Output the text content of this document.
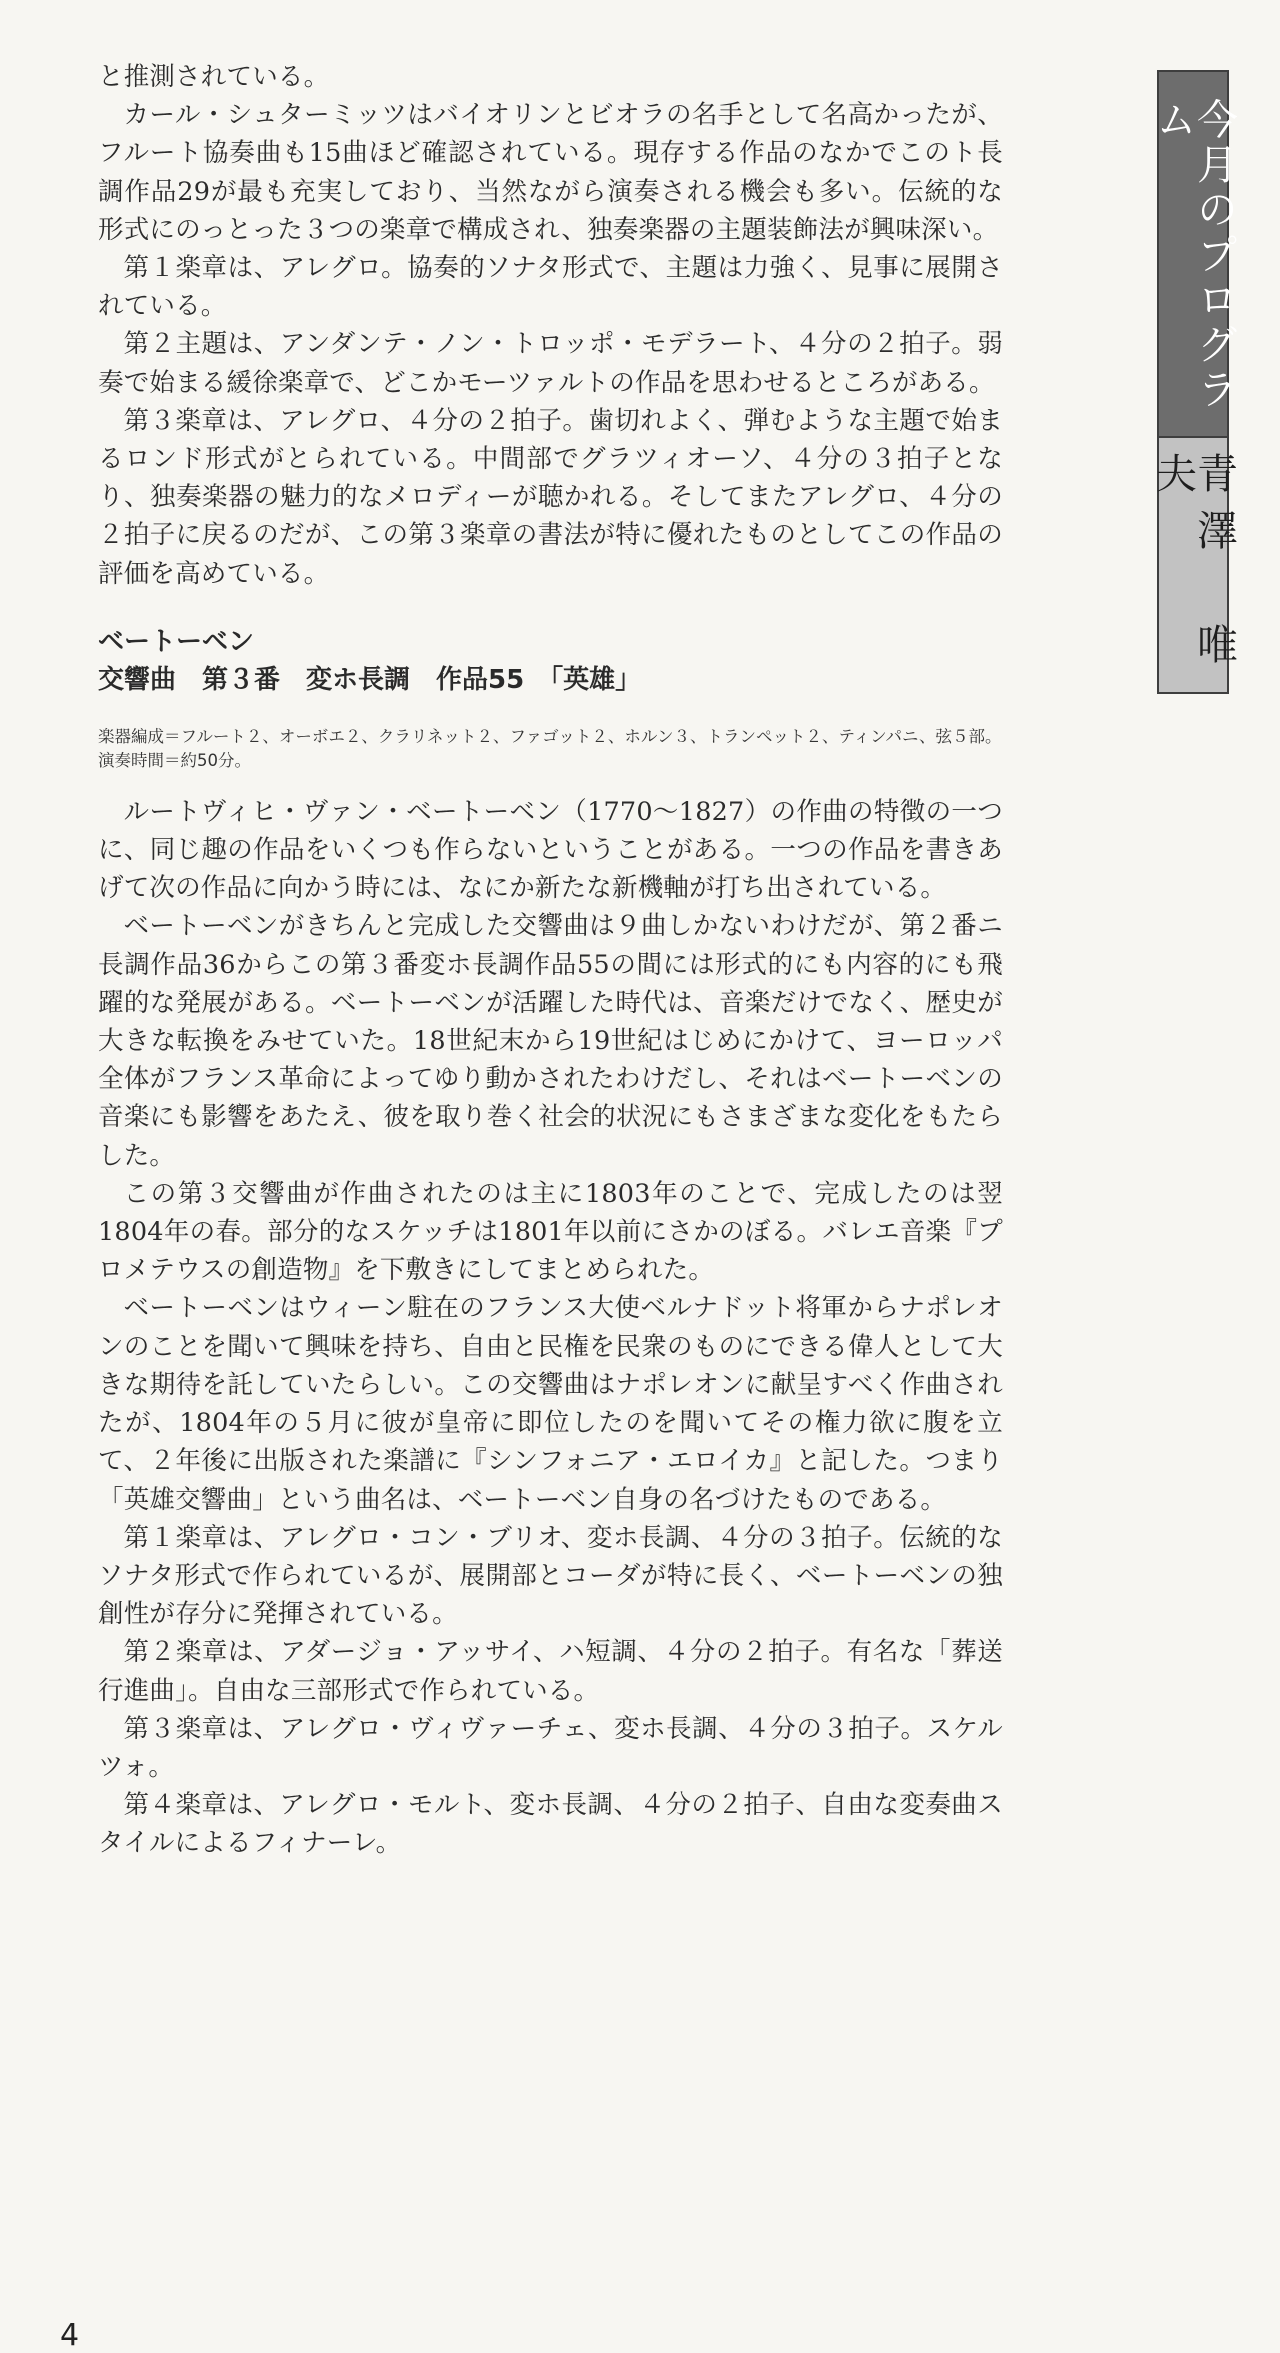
と推測されている。

カール・シュターミッツはバイオリンとビオラの名手として名高かったが、フルート協奏曲も15曲ほど確認されている。現存する作品のなかでこのト長調作品29が最も充実しており、当然ながら演奏される機会も多い。伝統的な形式にのっとった３つの楽章で構成され、独奏楽器の主題装飾法が興味深い。

第１楽章は、アレグロ。協奏的ソナタ形式で、主題は力強く、見事に展開されている。

第２主題は、アンダンテ・ノン・トロッポ・モデラート、４分の２拍子。弱奏で始まる緩徐楽章で、どこかモーツァルトの作品を思わせるところがある。

第３楽章は、アレグロ、４分の２拍子。歯切れよく、弾むような主題で始まるロンド形式がとられている。中間部でグラツィオーソ、４分の３拍子となり、独奏楽器の魅力的なメロディーが聴かれる。そしてまたアレグロ、４分の２拍子に戻るのだが、この第３楽章の書法が特に優れたものとしてこの作品の評価を高めている。

ベートーベン
交響曲　第３番　変ホ長調　作品55　「英雄」
楽器編成＝ フルート２、オーボエ２、クラリネット２、ファゴット２、ホルン３、トランペット２、ティンパニ、弦５部。
演奏時間＝約50分。

ルートヴィヒ・ヴァン・ベートーベン（1770〜1827）の作曲の特徴の一つに、同じ趣の作品をいくつも作らないということがある。一つの作品を書きあげて次の作品に向かう時には、なにか新たな新機軸が打ち出されている。

ベートーベンがきちんと完成した交響曲は９曲しかないわけだが、第２番ニ長調作品36からこの第３番変ホ長調作品55の間には形式的にも内容的にも飛躍的な発展がある。ベートーベンが活躍した時代は、音楽だけでなく、歴史が大きな転換をみせていた。18世紀末から19世紀はじめにかけて、ヨーロッパ全体がフランス革命によってゆり動かされたわけだし、それはベートーベンの音楽にも影響をあたえ、彼を取り巻く社会的状況にもさまざまな変化をもたらした。

この第３交響曲が作曲されたのは主に1803年のことで、完成したのは翌1804年の春。部分的なスケッチは1801年以前にさかのぼる。バレエ音楽『プロメテウスの創造物』を下敷きにしてまとめられた。

ベートーベンはウィーン駐在のフランス大使ベルナドット将軍からナポレオンのことを聞いて興味を持ち、自由と民権を民衆のものにできる偉人として大きな期待を託していたらしい。この交響曲はナポレオンに献呈すべく作曲されたが、1804年の５月に彼が皇帝に即位したのを聞いてその権力欲に腹を立て、２年後に出版された楽譜に『シンフォニア・エロイカ』と記した。つまり「英雄交響曲」という曲名は、ベートーベン自身の名づけたものである。

第１楽章は、アレグロ・コン・ブリオ、変ホ長調、４分の３拍子。伝統的なソナタ形式で作られているが、展開部とコーダが特に長く、ベートーベンの独創性が存分に発揮されている。

第２楽章は、アダージョ・アッサイ、ハ短調、４分の２拍子。有名な「葬送行進曲」。自由な三部形式で作られている。

第３楽章は、アレグロ・ヴィヴァーチェ、変ホ長調、４分の３拍子。スケルツォ。

第４楽章は、アレグロ・モルト、変ホ長調、４分の２拍子、自由な変奏曲スタイルによるフィナーレ。

今月のプログラム
青澤　唯夫
4
